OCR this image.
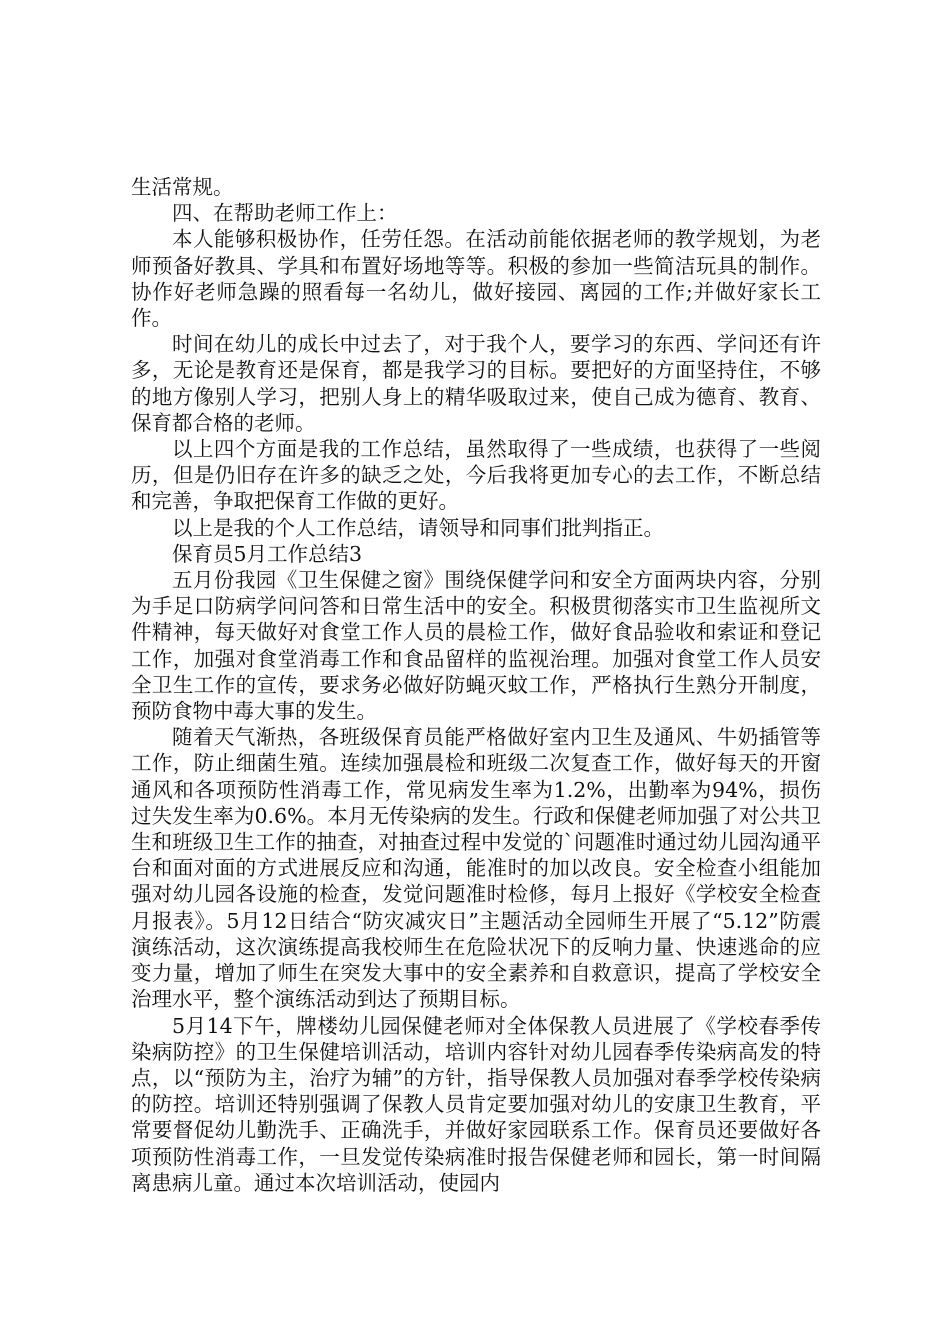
生活常规。

四、在帮助老师工作上：

本人能够积极协作，任劳任怨。在活动前能依据老师的教学规划，为老师预备好教具、学具和布置好场地等等。积极的参加一些简洁玩具的制作。协作好老师急躁的照看每一名幼儿，做好接园、离园的工作;并做好家长工作。

时间在幼儿的成长中过去了，对于我个人，要学习的东西、学问还有许多，无论是教育还是保育，都是我学习的目标。要把好的方面坚持住，不够的地方像别人学习，把别人身上的精华吸取过来，使自己成为德育、教育、保育都合格的老师。

以上四个方面是我的工作总结，虽然取得了一些成绩，也获得了一些阅历，但是仍旧存在许多的缺乏之处，今后我将更加专心的去工作，不断总结和完善，争取把保育工作做的更好。

以上是我的个人工作总结，请领导和同事们批判指正。

保育员5月工作总结3

五月份我园《卫生保健之窗》围绕保健学问和安全方面两块内容，分别为手足口防病学问问答和日常生活中的安全。积极贯彻落实市卫生监视所文件精神，每天做好对食堂工作人员的晨检工作，做好食品验收和索证和登记工作，加强对食堂消毒工作和食品留样的监视治理。加强对食堂工作人员安全卫生工作的宣传，要求务必做好防蝇灭蚊工作，严格执行生熟分开制度，预防食物中毒大事的发生。

随着天气渐热，各班级保育员能严格做好室内卫生及通风、牛奶插管等工作，防止细菌生殖。连续加强晨检和班级二次复查工作，做好每天的开窗通风和各项预防性消毒工作，常见病发生率为1.2%，出勤率为94%，损伤过失发生率为0.6%。本月无传染病的发生。行政和保健老师加强了对公共卫生和班级卫生工作的抽查，对抽查过程中发觉的`问题准时通过幼儿园沟通平台和面对面的方式进展反应和沟通，能准时的加以改良。安全检查小组能加强对幼儿园各设施的检查，发觉问题准时检修，每月上报好《学校安全检查月报表》。5月12日结合“防灾减灾日”主题活动全园师生开展了“5.12”防震演练活动，这次演练提高我校师生在危险状况下的反响力量、快速逃命的应变力量，增加了师生在突发大事中的安全素养和自救意识，提高了学校安全治理水平，整个演练活动到达了预期目标。

5月14下午，牌楼幼儿园保健老师对全体保教人员进展了《学校春季传染病防控》的卫生保健培训活动，培训内容针对幼儿园春季传染病高发的特点，以“预防为主，治疗为辅”的方针，指导保教人员加强对春季学校传染病的防控。培训还特别强调了保教人员肯定要加强对幼儿的安康卫生教育，平常要督促幼儿勤洗手、正确洗手，并做好家园联系工作。保育员还要做好各项预防性消毒工作，一旦发觉传染病准时报告保健老师和园长，第一时间隔离患病儿童。通过本次培训活动，使园内
